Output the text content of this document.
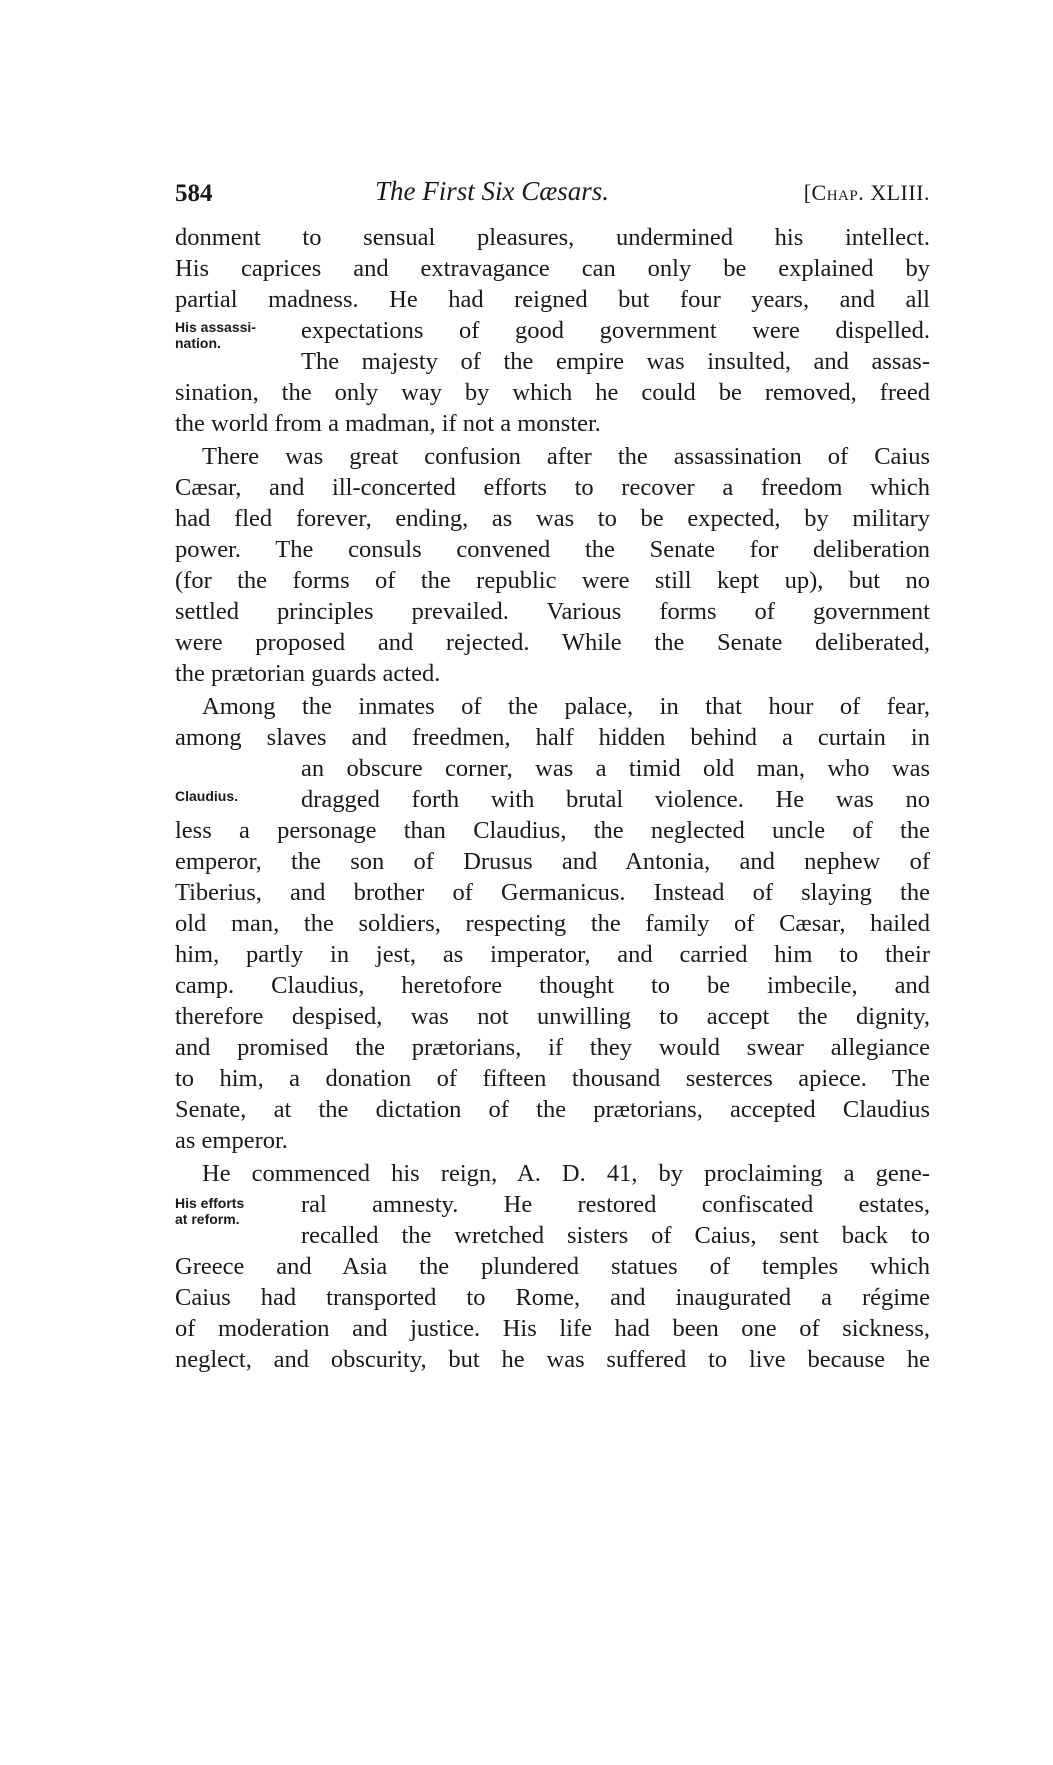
584	The First Six Cæsars.	[Chap. XLIII.
His assassi-
nation.
Claudius.
His efforts
at reform.
donment to sensual pleasures, undermined his intellect.
His caprices and extravagance can only be explained by
partial madness. He had reigned but four years, and all
expectations of good government were dispelled.
The majesty of the empire was insulted, and assas-
sination, the only way by which he could be removed, freed
the world from a madman, if not a monster.
There was great confusion after the assassination of Caius
Cæsar, and ill-concerted efforts to recover a freedom which
had fled forever, ending, as was to be expected, by military
power. The consuls convened the Senate for deliberation
(for the forms of the republic were still kept up), but no
settled principles prevailed. Various forms of government
were proposed and rejected. While the Senate deliberated,
the prætorian guards acted.
Among the inmates of the palace, in that hour of fear,
among slaves and freedmen, half hidden behind a curtain in
an obscure corner, was a timid old man, who was
dragged forth with brutal violence. He was no
less a personage than Claudius, the neglected uncle of the
emperor, the son of Drusus and Antonia, and nephew of
Tiberius, and brother of Germanicus. Instead of slaying the
old man, the soldiers, respecting the family of Cæsar, hailed
him, partly in jest, as imperator, and carried him to their
camp. Claudius, heretofore thought to be imbecile, and
therefore despised, was not unwilling to accept the dignity,
and promised the prætorians, if they would swear allegiance
to him, a donation of fifteen thousand sesterces apiece. The
Senate, at the dictation of the prætorians, accepted Claudius
as emperor.
He commenced his reign, A. D. 41, by proclaiming a gene-
ral amnesty. He restored confiscated estates,
recalled the wretched sisters of Caius, sent back to
Greece and Asia the plundered statues of temples which
Caius had transported to Rome, and inaugurated a régime
of moderation and justice. His life had been one of sickness,
neglect, and obscurity, but he was suffered to live because he
